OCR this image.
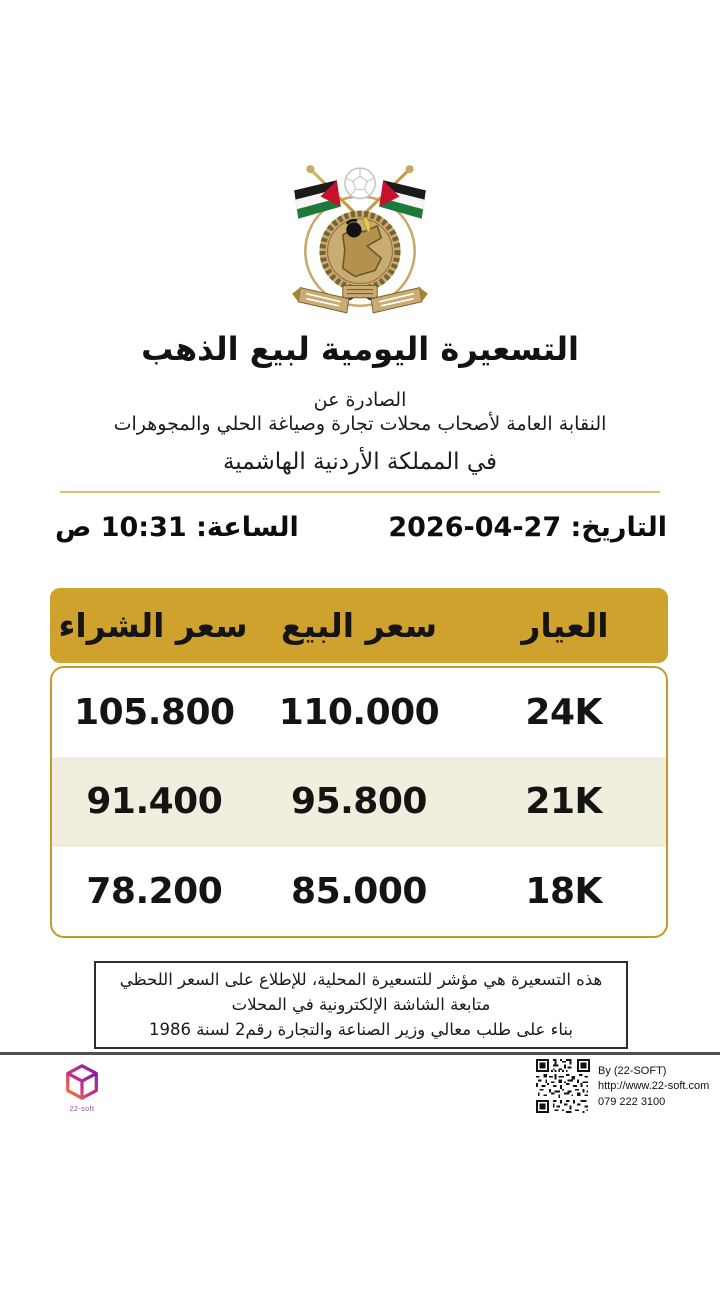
التسعيرة اليومية لبيع الذهب
الصادرة عن
النقابة العامة لأصحاب محلات تجارة وصياغة الحلي والمجوهرات
في المملكة الأردنية الهاشمية
التاريخ: 27-04-2026
الساعة: 10:31 ص
العيار
سعر البيع
سعر الشراء
24K
110.000
105.800
21K
95.800
91.400
18K
85.000
78.200
هذه التسعيرة هي مؤشر للتسعيرة المحلية، للإطلاع على السعر اللحظي
متابعة الشاشة الإلكترونية في المحلات
بناء على طلب معالي وزير الصناعة والتجارة رقم2 لسنة 1986
22-soft
By (22-SOFT)
http://www.22-soft.com
079 222 3100
